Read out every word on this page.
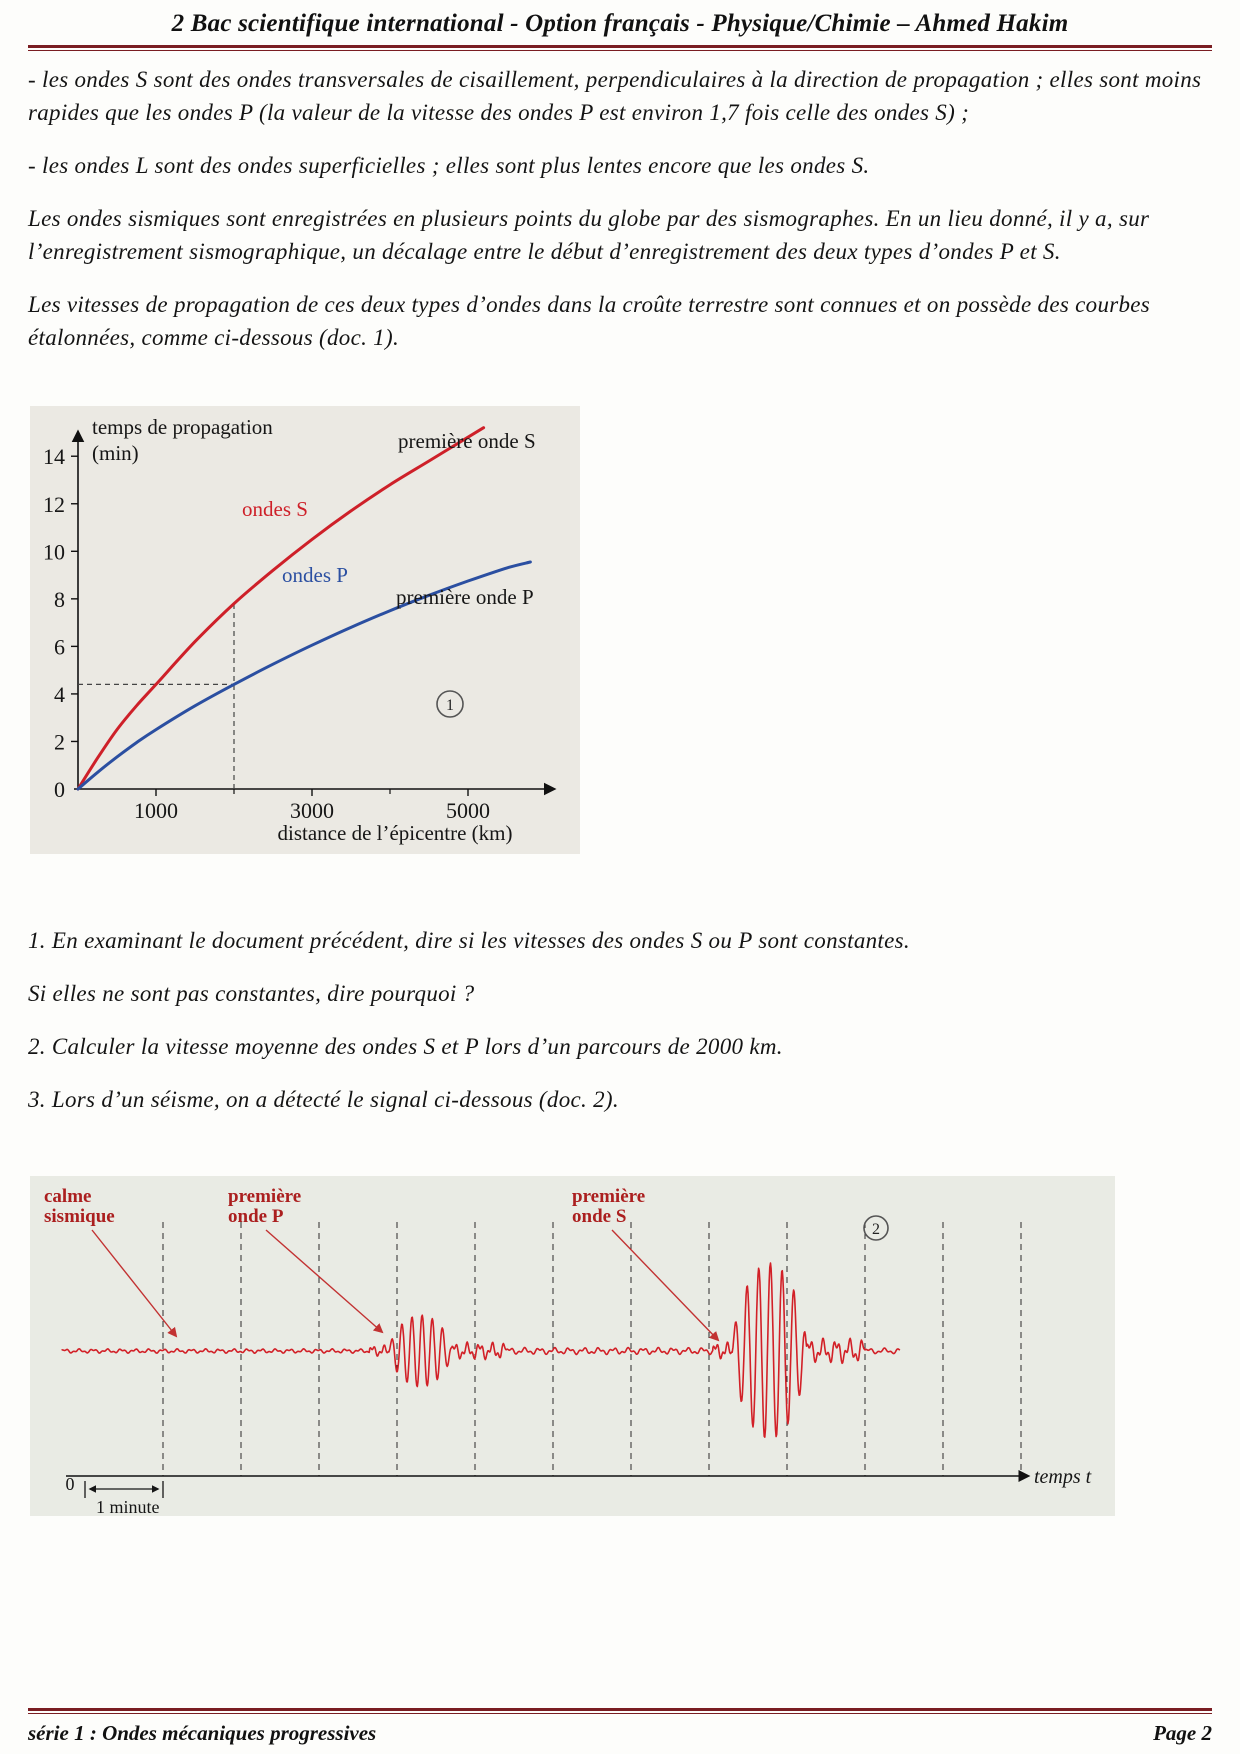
2 Bac scientifique international - Option français - Physique/Chimie – Ahmed Hakim

- les ondes S sont des ondes transversales de cisaillement, perpendiculaires à la direction de propagation ; elles sont moins rapides que les ondes P (la valeur de la vitesse des ondes P est environ 1,7 fois celle des ondes S) ;

- les ondes L sont des ondes superficielles ; elles sont plus lentes encore que les ondes S.

Les ondes sismiques sont enregistrées en plusieurs points du globe par des sismographes. En un lieu donné, il y a, sur l’enregistrement sismographique, un décalage entre le début d’enregistrement des deux types d’ondes P et S.

Les vitesses de propagation de ces deux types d’ondes dans la croûte terrestre sont connues et on possède des courbes étalonnées, comme ci-dessous (doc. 1).

0
2
4
6
8
10
12
14
1000	3000	5000
temps de propagation
(min)	première onde S
ondes S
ondes P
première onde P
1
distance de l’épicentre (km)

1. En examinant le document précédent, dire si les vitesses des ondes S ou P sont constantes.

Si elles ne sont pas constantes, dire pourquoi ?

2. Calculer la vitesse moyenne des ondes S et P lors d’un parcours de 2000 km.

3. Lors d’un séisme, on a détecté le signal ci-dessous (doc. 2).

calme
sismique
première
onde P
première
onde S
2
0
1 minute
temps t
série 1 : Ondes mécaniques progressives	Page 2
